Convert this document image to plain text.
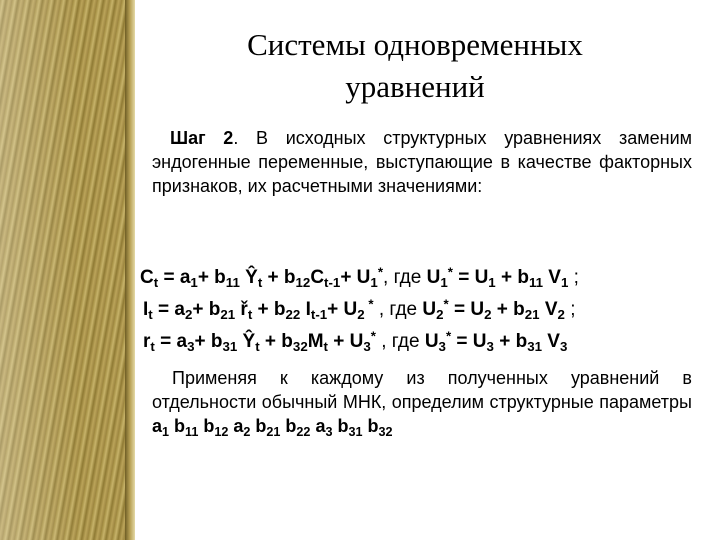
Системы одновременных
уравнений
Шаг 2. В исходных структурных уравнениях заменим эндогенные переменные, выступающие в качестве факторных признаков, их расчетными значениями:
$C_t = a_1+ b_{11}$ $Ŷ_t + b_{12}C_{t-1}+ U_1^*$, где $U_1^* = U_1 + b_{11}$ $V_1$ ;
$I_t = a_2+ b_{21}$ $ř_t + b_{22}$ $I_{t-1}+ U_2$ * , где $U_2^* = U_2 + b_{21}$ $V_2$ ;
$r_t = a_3+ b_{31}$ $Ŷ_t + b_{32}M_t + U_3^*$ , где $U_3^* = U_3 + b_{31}$ $V_3$
Применяя к каждому из полученных уравнений в отдельности обычный МНК, определим структурные параметры $a_1$ $b_{11}$ $b_{12}$ $a_2$ $b_{21}$ $b_{22}$ $a_3$ $b_{31}$ $b_{32}$
